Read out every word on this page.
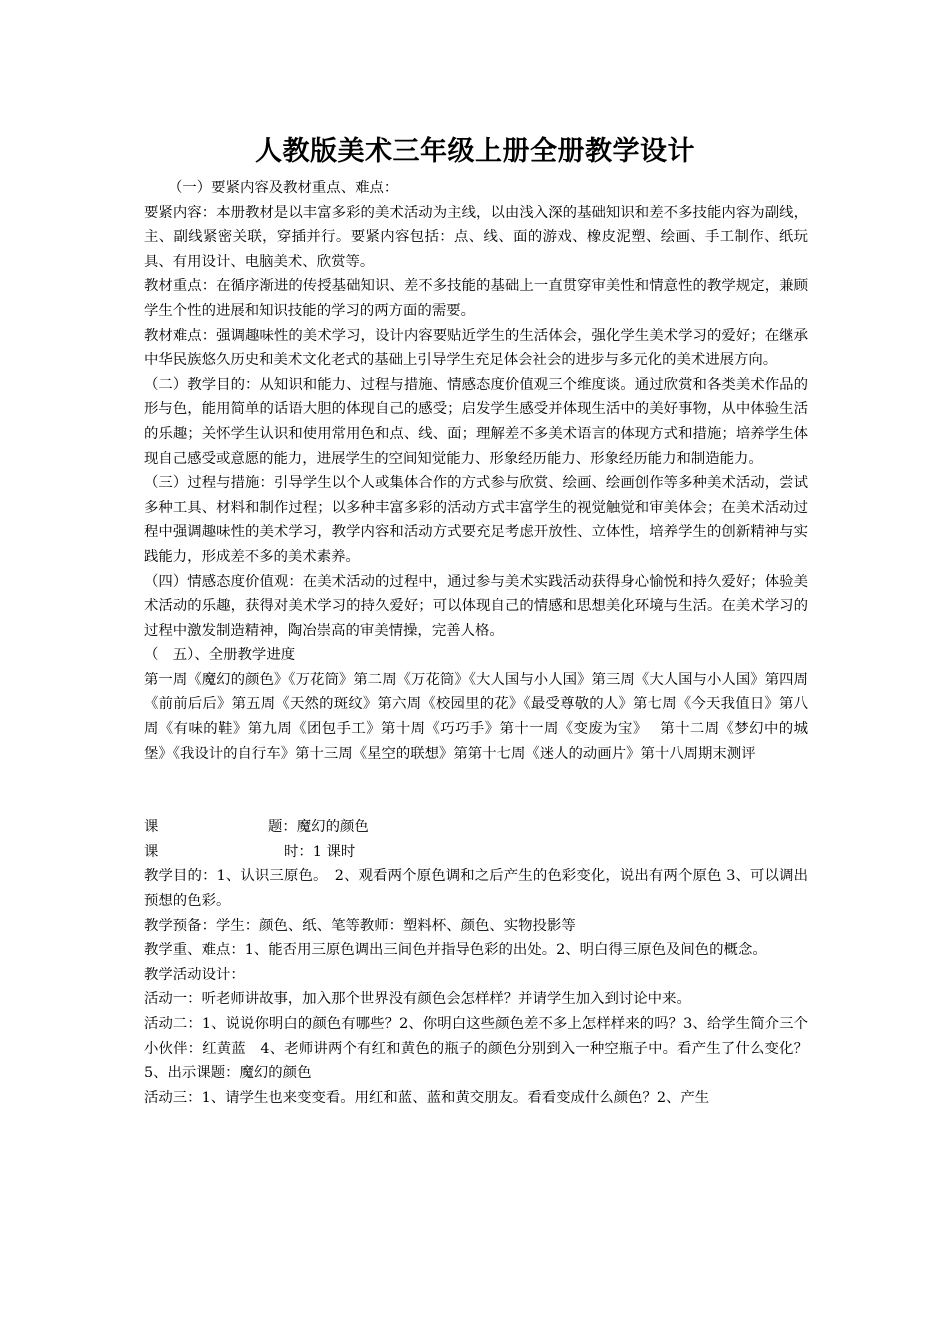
人教版美术三年级上册全册教学设计

（一）要紧内容及教材重点、难点：

要紧内容：本册教材是以丰富多彩的美术活动为主线，以由浅入深的基础知识和差不多技能内容为副线，主、副线紧密关联，穿插并行。要紧内容包括：点、线、面的游戏、橡皮泥塑、绘画、手工制作、纸玩具、有用设计、电脑美术、欣赏等。

教材重点：在循序渐进的传授基础知识、差不多技能的基础上一直贯穿审美性和情意性的教学规定，兼顾学生个性的进展和知识技能的学习的两方面的需要。

教材难点：强调趣味性的美术学习，设计内容要贴近学生的生活体会，强化学生美术学习的爱好；在继承中华民族悠久历史和美术文化老式的基础上引导学生充足体会社会的进步与多元化的美术进展方向。

（二）教学目的：从知识和能力、过程与措施、情感态度价值观三个维度谈。通过欣赏和各类美术作品的形与色，能用简单的话语大胆的体现自己的感受；启发学生感受并体现生活中的美好事物，从中体验生活的乐趣；关怀学生认识和使用常用色和点、线、面；理解差不多美术语言的体现方式和措施；培养学生体现自己感受或意愿的能力，进展学生的空间知觉能力、形象经历能力、形象经历能力和制造能力。

（三）过程与措施：引导学生以个人或集体合作的方式参与欣赏、绘画、绘画创作等多种美术活动，尝试多种工具、材料和制作过程；以多种丰富多彩的活动方式丰富学生的视觉触觉和审美体会；在美术活动过程中强调趣味性的美术学习，教学内容和活动方式要充足考虑开放性、立体性，培养学生的创新精神与实践能力，形成差不多的美术素养。

（四）情感态度价值观：在美术活动的过程中，通过参与美术实践活动获得身心愉悦和持久爱好；体验美术活动的乐趣，获得对美术学习的持久爱好；可以体现自己的情感和思想美化环境与生活。在美术学习的过程中激发制造精神，陶冶崇高的审美情操，完善人格。

（　五）、全册教学进度

第一周《魔幻的颜色》《万花筒》第二周《万花筒》《大人国与小人国》第三周《大人国与小人国》第四周《前前后后》第五周《天然的斑纹》第六周《校园里的花》《最受尊敬的人》第七周《今天我值日》第八周《有味的鞋》第九周《团包手工》第十周《巧巧手》第十一周《变废为宝》　 第十二周《梦幻中的城堡》《我设计的自行车》第十三周《星空的联想》第第十七周《迷人的动画片》第十八周期末测评

课	题：魔幻的颜色

课	时：1 课时

教学目的：1、认识三原色。　2、观看两个原色调和之后产生的色彩变化，说出有两个原色 3、可以调出预想的色彩。

教学预备：学生：颜色、纸、笔等教师：塑料杯、颜色、实物投影等

教学重、难点：1、能否用三原色调出三间色并指导色彩的出处。2、明白得三原色及间色的概念。

教学活动设计：

活动一：听老师讲故事，加入那个世界没有颜色会怎样样？并请学生加入到讨论中来。

活动二：1、说说你明白的颜色有哪些？2、你明白这些颜色差不多上怎样样来的吗？3、给学生简介三个小伙伴：红黄蓝　4、老师讲两个有红和黄色的瓶子的颜色分别到入一种空瓶子中。看产生了什么变化？5、出示课题：魔幻的颜色

活动三：1、请学生也来变变看。用红和蓝、蓝和黄交朋友。看看变成什么颜色？2、产生
